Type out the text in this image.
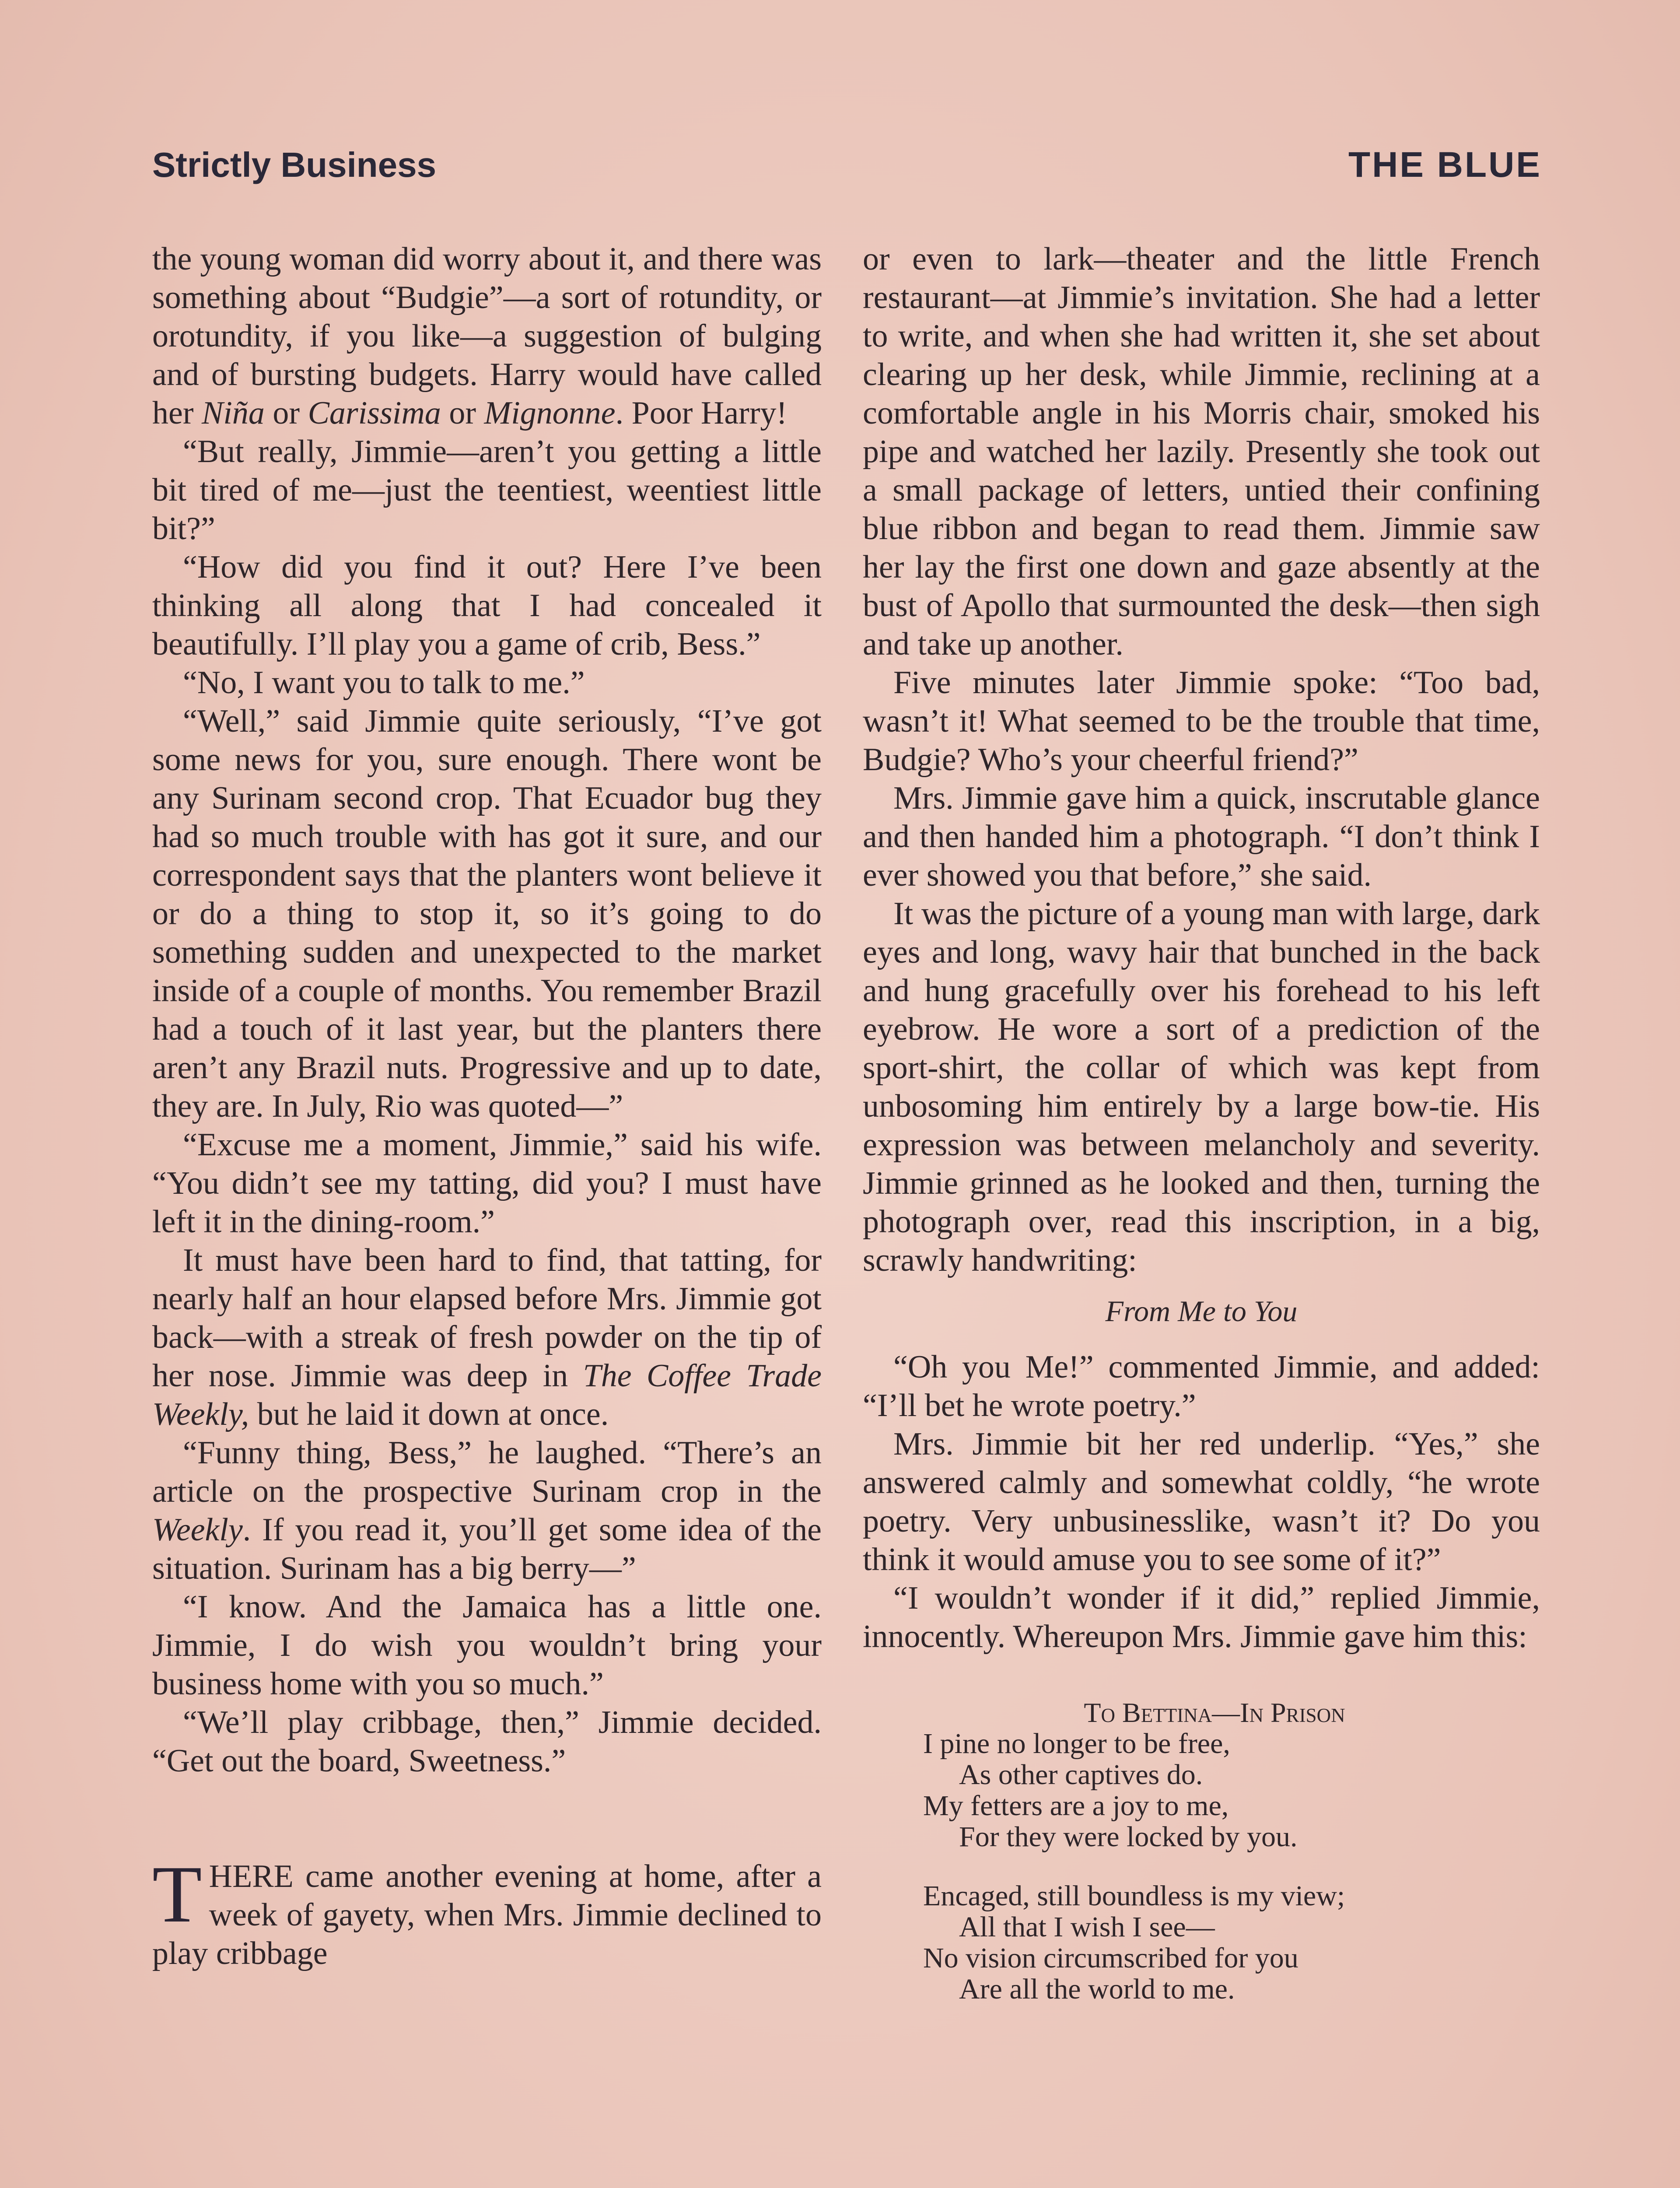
Strictly Business	THE BLUE

the young woman did worry about it, and there was something about “Budgie”—a sort of rotundity, or orotundity, if you like—a suggestion of bulging and of bursting budgets. Harry would have called her Niña or Carissima or Mignonne. Poor Harry!

“But really, Jimmie—aren’t you getting a little bit tired of me—just the teentiest, weentiest little bit?”

“How did you find it out? Here I’ve been thinking all along that I had concealed it beautifully. I’ll play you a game of crib, Bess.”

“No, I want you to talk to me.”

“Well,” said Jimmie quite seriously, “I’ve got some news for you, sure enough. There wont be any Surinam second crop. That Ecuador bug they had so much trouble with has got it sure, and our correspondent says that the planters wont believe it or do a thing to stop it, so it’s going to do something sudden and unexpected to the market inside of a couple of months. You remember Brazil had a touch of it last year, but the planters there aren’t any Brazil nuts. Progressive and up to date, they are. In July, Rio was quoted—”

“Excuse me a moment, Jimmie,” said his wife. “You didn’t see my tatting, did you? I must have left it in the dining-room.”

It must have been hard to find, that tatting, for nearly half an hour elapsed before Mrs. Jimmie got back—with a streak of fresh powder on the tip of her nose. Jimmie was deep in The Coffee Trade Weekly, but he laid it down at once.

“Funny thing, Bess,” he laughed. “There’s an article on the prospective Surinam crop in the Weekly. If you read it, you’ll get some idea of the situation. Surinam has a big berry—”

“I know. And the Jamaica has a little one. Jimmie, I do wish you wouldn’t bring your business home with you so much.”

“We’ll play cribbage, then,” Jimmie decided. “Get out the board, Sweetness.”

THERE came another evening at home, after a week of gayety, when Mrs. Jimmie declined to play cribbage

or even to lark—theater and the little French restaurant—at Jimmie’s invitation. She had a letter to write, and when she had written it, she set about clearing up her desk, while Jimmie, reclining at a comfortable angle in his Morris chair, smoked his pipe and watched her lazily. Presently she took out a small package of letters, untied their confining blue ribbon and began to read them. Jimmie saw her lay the first one down and gaze absently at the bust of Apollo that surmounted the desk—then sigh and take up another.

Five minutes later Jimmie spoke: “Too bad, wasn’t it! What seemed to be the trouble that time, Budgie? Who’s your cheerful friend?”

Mrs. Jimmie gave him a quick, inscrutable glance and then handed him a photograph. “I don’t think I ever showed you that before,” she said.

It was the picture of a young man with large, dark eyes and long, wavy hair that bunched in the back and hung gracefully over his forehead to his left eyebrow. He wore a sort of a prediction of the sport-shirt, the collar of which was kept from unbosoming him entirely by a large bow-tie. His expression was between melancholy and severity. Jimmie grinned as he looked and then, turning the photograph over, read this inscription, in a big, scrawly handwriting:

From Me to You

“Oh you Me!” commented Jimmie, and added: “I’ll bet he wrote poetry.”

Mrs. Jimmie bit her red underlip. “Yes,” she answered calmly and somewhat coldly, “he wrote poetry. Very unbusinesslike, wasn’t it? Do you think it would amuse you to see some of it?”

“I wouldn’t wonder if it did,” replied Jimmie, innocently. Whereupon Mrs. Jimmie gave him this:

To Bettina—In Prison
I pine no longer to be free,
As other captives do.
My fetters are a joy to me,
For they were locked by you.
Encaged, still boundless is my view;
All that I wish I see—
No vision circumscribed for you
Are all the world to me.
